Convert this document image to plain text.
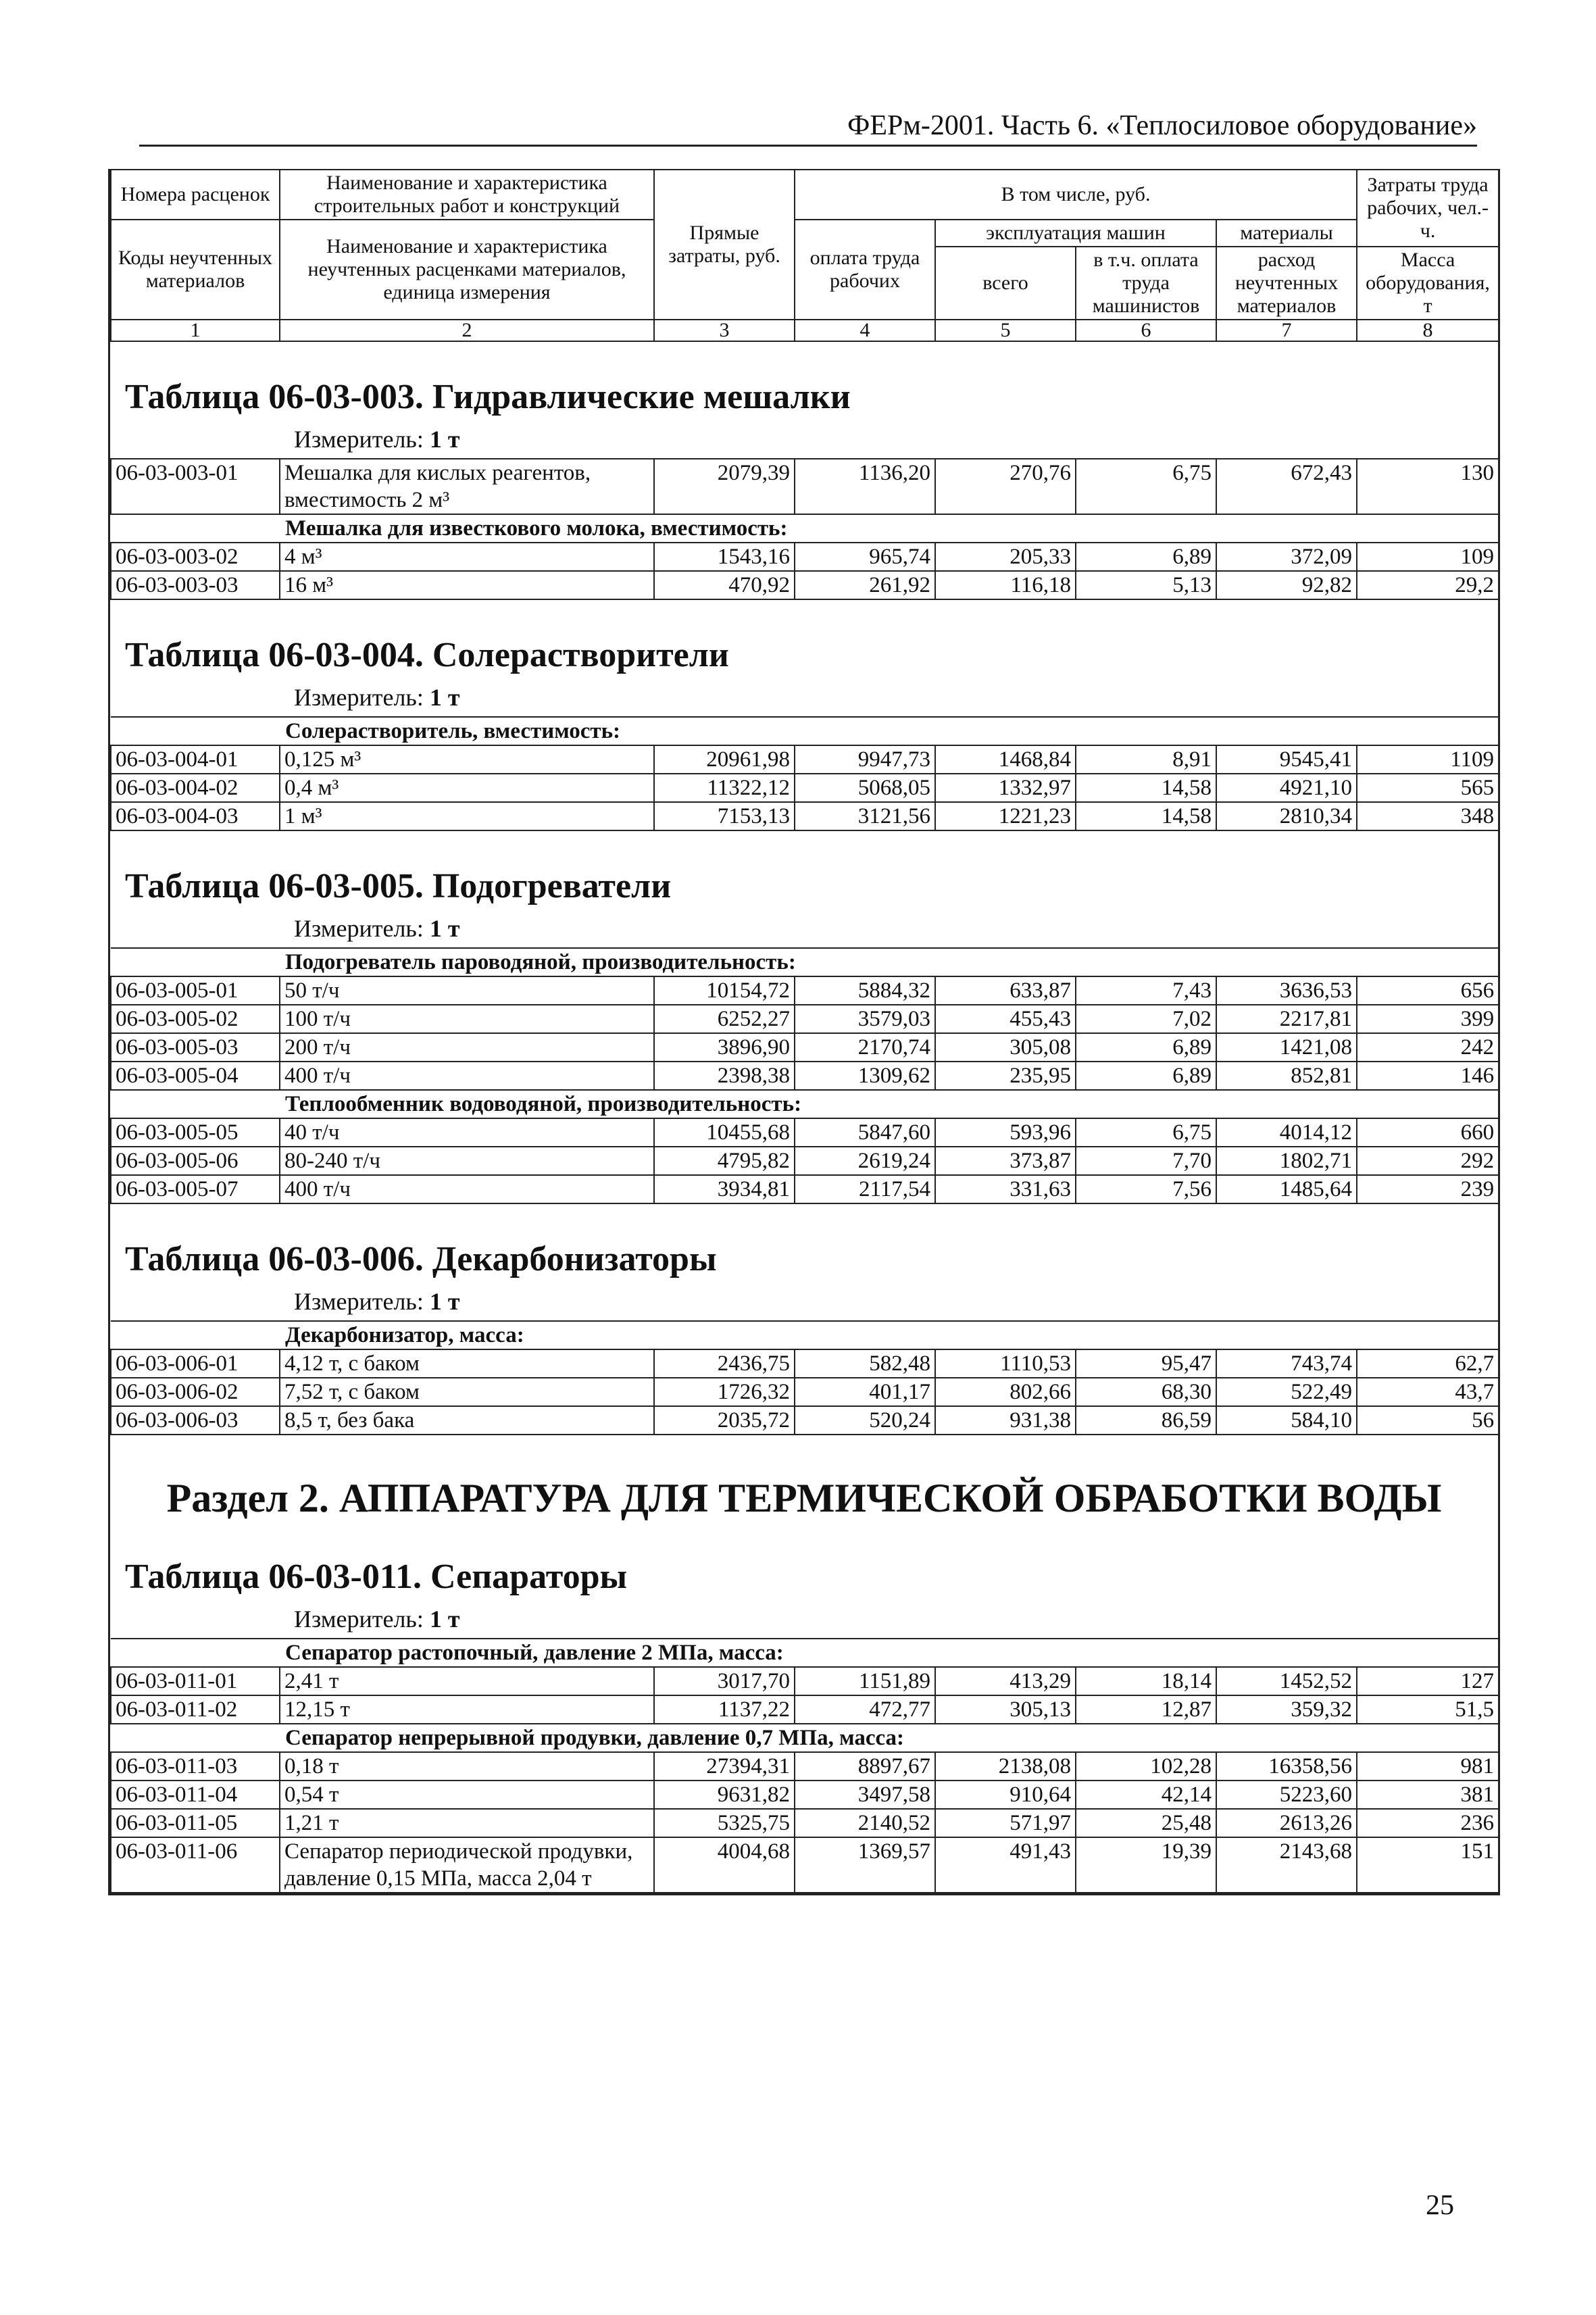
ФЕРм-2001. Часть 6. «Теплосиловое оборудование»
Номера расценок	Наименование и характеристика строительных работ и конструкций	Прямые затраты, руб.	В том числе, руб.				Затраты труда рабочих, чел.-ч.
Коды неучтенных материалов	Наименование и характеристика неучтенных расценками материалов, единица измерения		оплата труда рабочих	эксплуатация машин		материалы	
				всего	в т.ч. оплата труда машинистов	расход неучтенных материалов	Масса оборудования, т
1	2	3	4	5	6	7	8
Таблица 06-03-003. Гидравлические мешалки
Измеритель: 1 т
06-03-003-01	Мешалка для кислых реагентов, вместимость 2 м³	2079,39	1136,20	270,76	6,75	672,43	130
Мешалка для известкового молока, вместимость:							
06-03-003-02	4 м³	1543,16	965,74	205,33	6,89	372,09	109
06-03-003-03	16 м³	470,92	261,92	116,18	5,13	92,82	29,2
Таблица 06-03-004. Солерастворители
Измеритель: 1 т
Солерастворитель, вместимость:							
06-03-004-01	0,125 м³	20961,98	9947,73	1468,84	8,91	9545,41	1109
06-03-004-02	0,4 м³	11322,12	5068,05	1332,97	14,58	4921,10	565
06-03-004-03	1 м³	7153,13	3121,56	1221,23	14,58	2810,34	348
Таблица 06-03-005. Подогреватели
Измеритель: 1 т
Подогреватель пароводяной, производительность:							
06-03-005-01	50 т/ч	10154,72	5884,32	633,87	7,43	3636,53	656
06-03-005-02	100 т/ч	6252,27	3579,03	455,43	7,02	2217,81	399
06-03-005-03	200 т/ч	3896,90	2170,74	305,08	6,89	1421,08	242
06-03-005-04	400 т/ч	2398,38	1309,62	235,95	6,89	852,81	146
Теплообменник водоводяной, производительность:							
06-03-005-05	40 т/ч	10455,68	5847,60	593,96	6,75	4014,12	660
06-03-005-06	80-240 т/ч	4795,82	2619,24	373,87	7,70	1802,71	292
06-03-005-07	400 т/ч	3934,81	2117,54	331,63	7,56	1485,64	239
Таблица 06-03-006. Декарбонизаторы
Измеритель: 1 т
Декарбонизатор, масса:							
06-03-006-01	4,12 т, с баком	2436,75	582,48	1110,53	95,47	743,74	62,7
06-03-006-02	7,52 т, с баком	1726,32	401,17	802,66	68,30	522,49	43,7
06-03-006-03	8,5 т, без бака	2035,72	520,24	931,38	86,59	584,10	56
Раздел 2. АППАРАТУРА ДЛЯ ТЕРМИЧЕСКОЙ ОБРАБОТКИ ВОДЫ
Таблица 06-03-011. Сепараторы
Измеритель: 1 т
Сепаратор растопочный, давление 2 МПа, масса:							
06-03-011-01	2,41 т	3017,70	1151,89	413,29	18,14	1452,52	127
06-03-011-02	12,15 т	1137,22	472,77	305,13	12,87	359,32	51,5
Сепаратор непрерывной продувки, давление 0,7 МПа, масса:							
06-03-011-03	0,18 т	27394,31	8897,67	2138,08	102,28	16358,56	981
06-03-011-04	0,54 т	9631,82	3497,58	910,64	42,14	5223,60	381
06-03-011-05	1,21 т	5325,75	2140,52	571,97	25,48	2613,26	236
06-03-011-06	Сепаратор периодической продувки, давление 0,15 МПа, масса 2,04 т	4004,68	1369,57	491,43	19,39	2143,68	151
25
